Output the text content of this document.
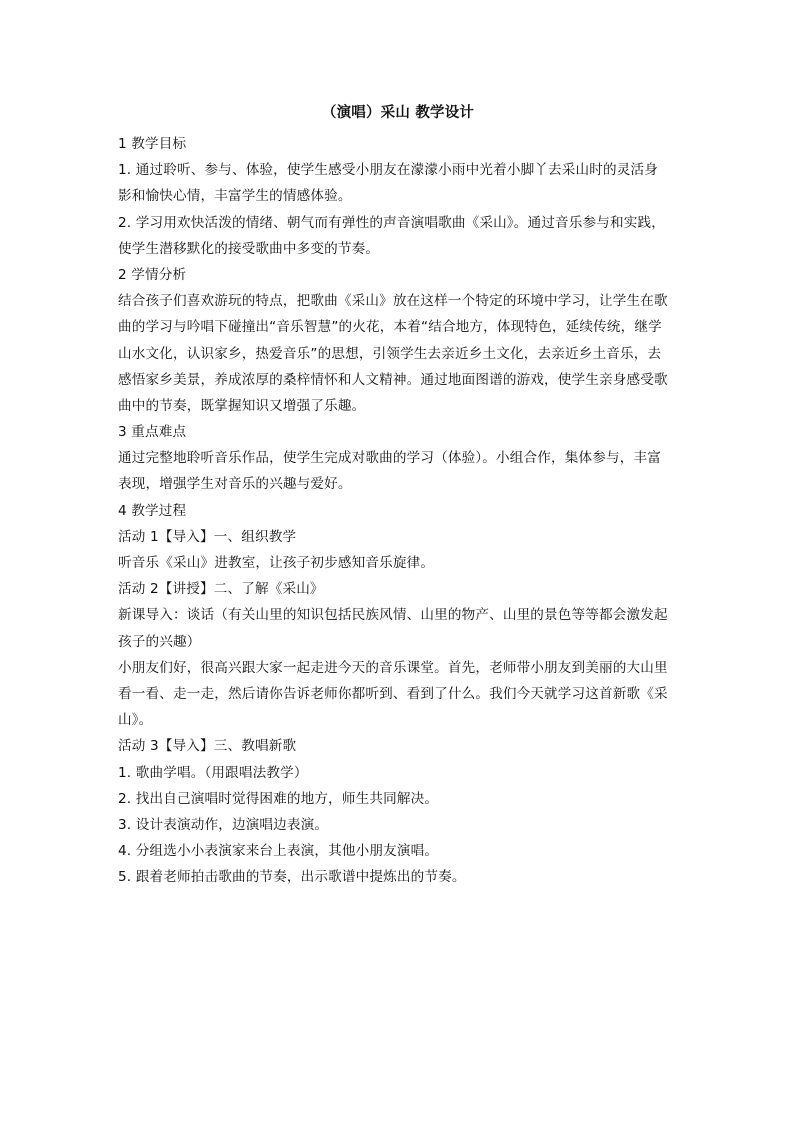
（演唱）采山 教学设计
1 教学目标
1. 通过聆听、参与、体验，使学生感受小朋友在濛濛小雨中光着小脚丫去采山时的灵活身
影和愉快心情，丰富学生的情感体验。
2. 学习用欢快活泼的情绪、朝气而有弹性的声音演唱歌曲《采山》。通过音乐参与和实践，
使学生潜移默化的接受歌曲中多变的节奏。
2 学情分析
结合孩子们喜欢游玩的特点，把歌曲《采山》放在这样一个特定的环境中学习，让学生在歌
曲的学习与吟唱下碰撞出“音乐智慧”的火花，本着“结合地方，体现特色，延续传统，继学
山水文化，认识家乡，热爱音乐”的思想，引领学生去亲近乡土文化，去亲近乡土音乐，去
感悟家乡美景，养成浓厚的桑梓情怀和人文精神。通过地面图谱的游戏，使学生亲身感受歌
曲中的节奏，既掌握知识又增强了乐趣。
3 重点难点
通过完整地聆听音乐作品，使学生完成对歌曲的学习（体验）。小组合作，集体参与，丰富
表现，增强学生对音乐的兴趣与爱好。
4 教学过程
活动 1【导入】一、组织教学
听音乐《采山》进教室，让孩子初步感知音乐旋律。
活动 2【讲授】二、了解《采山》
新课导入：谈话（有关山里的知识包括民族风情、山里的物产、山里的景色等等都会激发起
孩子的兴趣）
小朋友们好，很高兴跟大家一起走进今天的音乐课堂。首先，老师带小朋友到美丽的大山里
看一看、走一走，然后请你告诉老师你都听到、看到了什么。我们今天就学习这首新歌《采
山》。
活动 3【导入】三、教唱新歌
1. 歌曲学唱。（用跟唱法教学）
2. 找出自己演唱时觉得困难的地方，师生共同解决。
3. 设计表演动作，边演唱边表演。
4. 分组选小小表演家来台上表演，其他小朋友演唱。
5. 跟着老师拍击歌曲的节奏，出示歌谱中提炼出的节奏。
